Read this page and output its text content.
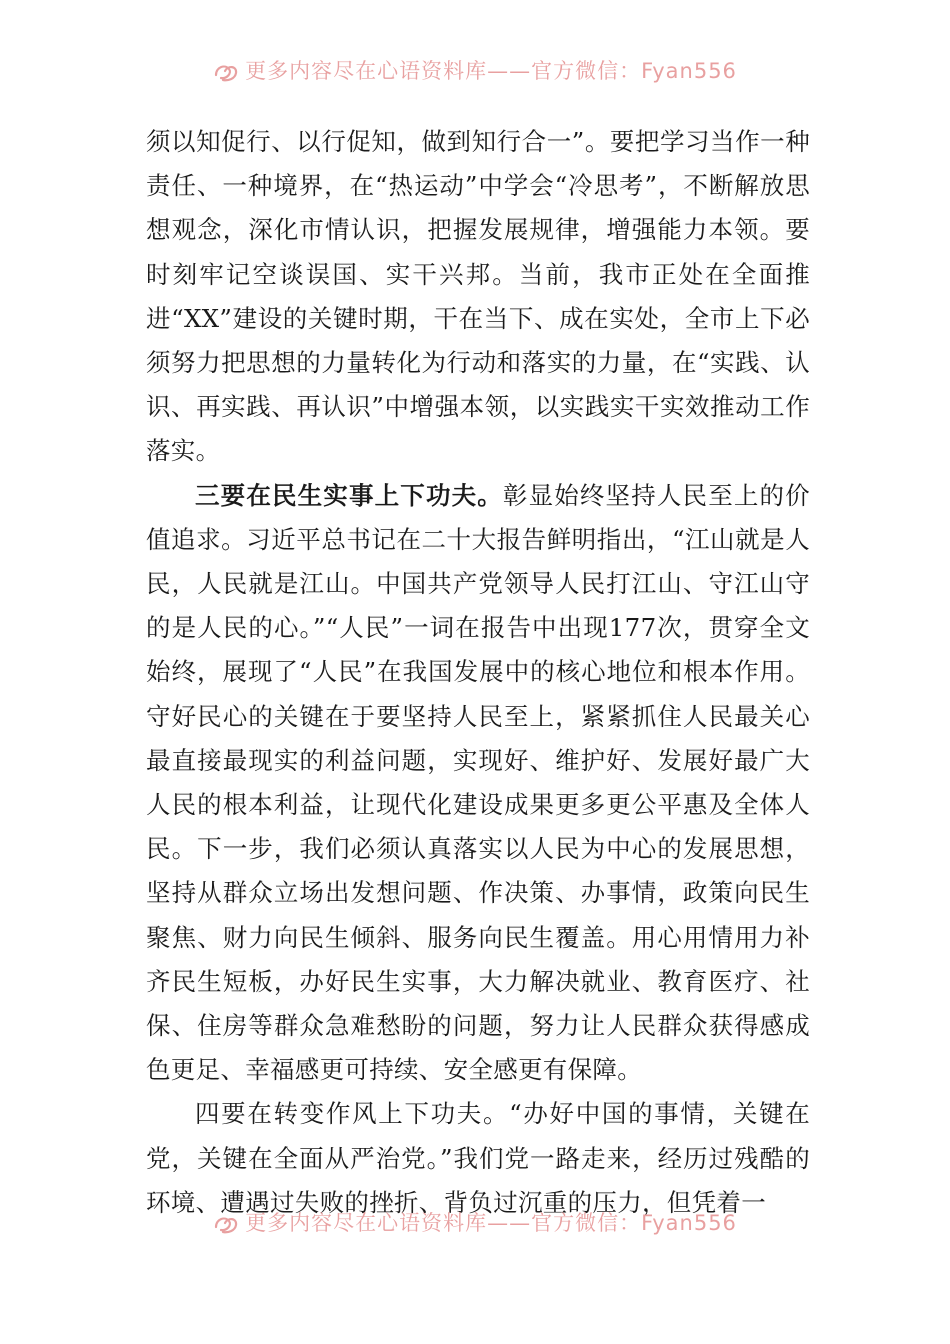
更多内容尽在心语资料库——官方微信：Fyan556

须以知促行、以行促知，做到知行合一”。要把学习当作一种责任、一种境界，在“热运动”中学会“冷思考”，不断解放思想观念，深化市情认识，把握发展规律，增强能力本领。要时刻牢记空谈误国、实干兴邦。当前，我市正处在全面推进“XX”建设的关键时期，干在当下、成在实处，全市上下必须努力把思想的力量转化为行动和落实的力量，在“实践、认识、再实践、再认识”中增强本领，以实践实干实效推动工作落实。

三要在民生实事上下功夫。彰显始终坚持人民至上的价值追求。习近平总书记在二十大报告鲜明指出，“江山就是人民，人民就是江山。中国共产党领导人民打江山、守江山守的是人民的心。”“人民”一词在报告中出现177次，贯穿全文始终，展现了“人民”在我国发展中的核心地位和根本作用。守好民心的关键在于要坚持人民至上，紧紧抓住人民最关心最直接最现实的利益问题，实现好、维护好、发展好最广大人民的根本利益，让现代化建设成果更多更公平惠及全体人民。下一步，我们必须认真落实以人民为中心的发展思想，坚持从群众立场出发想问题、作决策、办事情，政策向民生聚焦、财力向民生倾斜、服务向民生覆盖。用心用情用力补齐民生短板，办好民生实事，大力解决就业、教育医疗、社保、住房等群众急难愁盼的问题，努力让人民群众获得感成色更足、幸福感更可持续、安全感更有保障。

四要在转变作风上下功夫。“办好中国的事情，关键在党，关键在全面从严治党。”我们党一路走来，经历过残酷的环境、遭遇过失败的挫折、背负过沉重的压力，但凭着一

更多内容尽在心语资料库——官方微信：Fyan556
